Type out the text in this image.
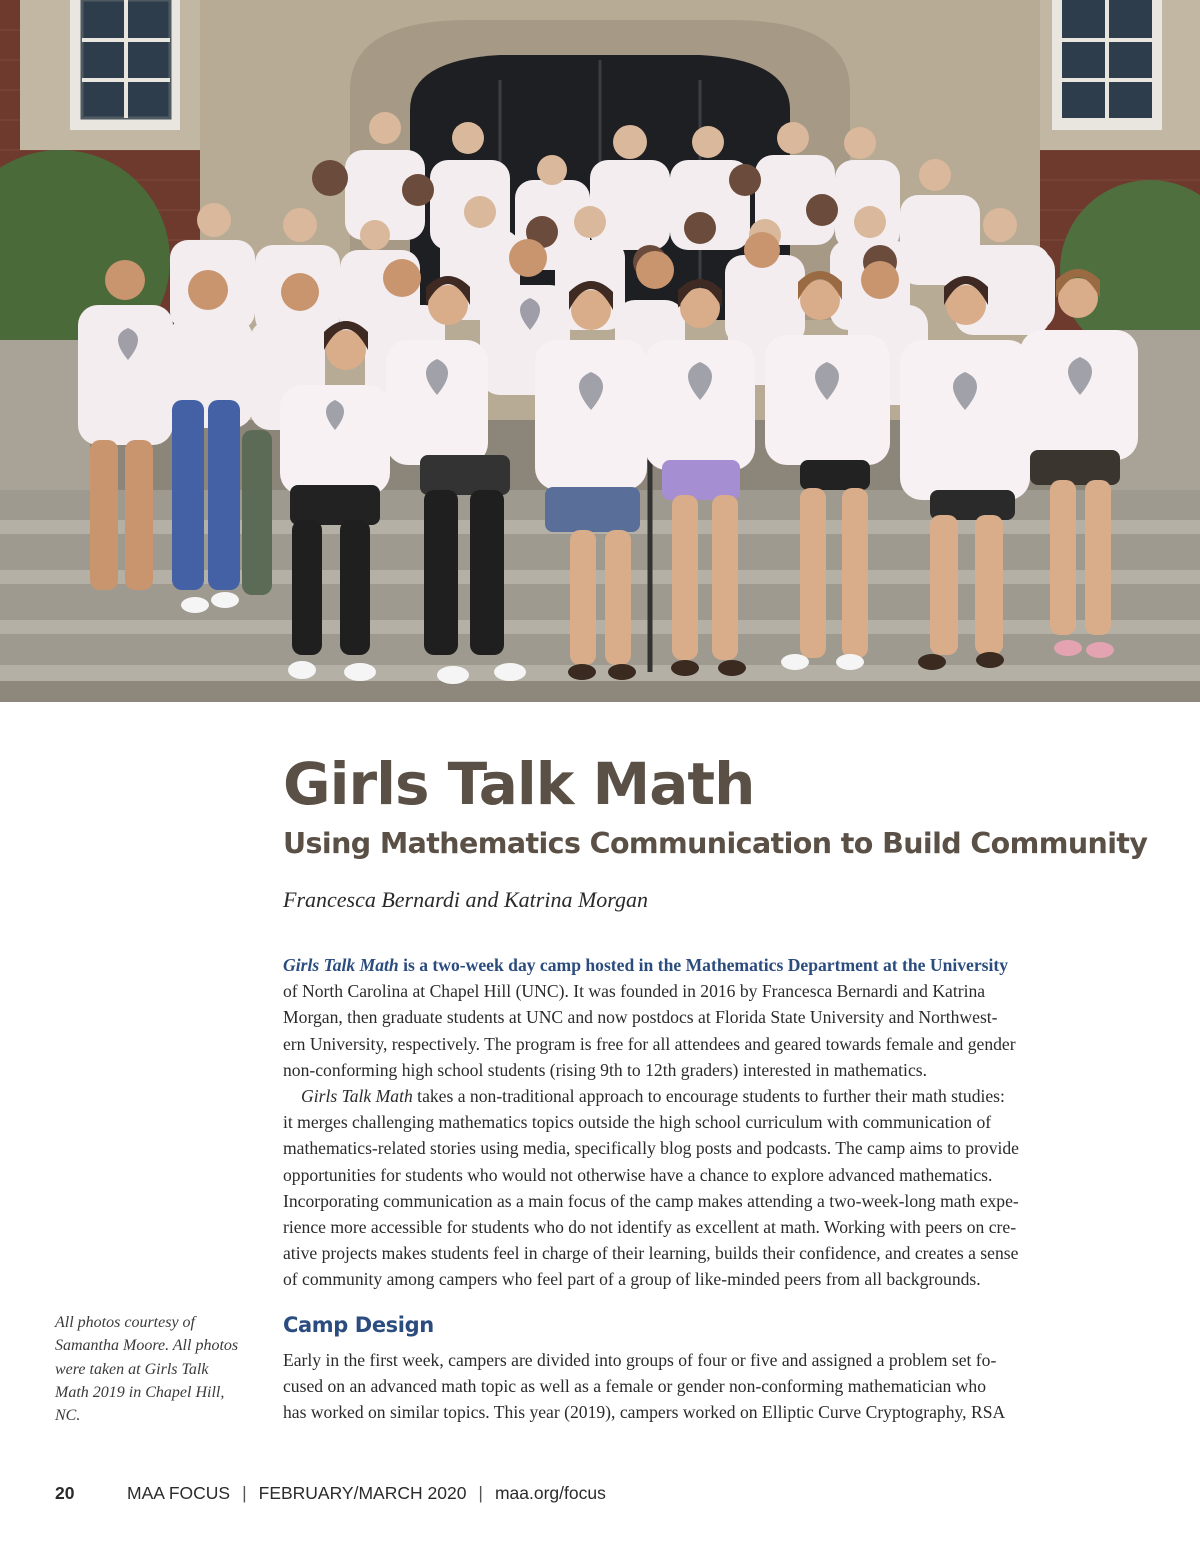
Girls Talk Math
Using Mathematics Communication to Build Community

Francesca Bernardi and Katrina Morgan

Girls Talk Math is a two-week day camp hosted in the Mathematics Department at the University
of North Carolina at Chapel Hill (UNC). It was founded in 2016 by Francesca Bernardi and Katrina
Morgan, then graduate students at UNC and now postdocs at Florida State University and Northwest-
ern University, respectively. The program is free for all attendees and geared towards female and gender
non-conforming high school students (rising 9th to 12th graders) interested in mathematics.
Girls Talk Math takes a non-traditional approach to encourage students to further their math studies:
it merges challenging mathematics topics outside the high school curriculum with communication of
mathematics-related stories using media, specifically blog posts and podcasts. The camp aims to provide
opportunities for students who would not otherwise have a chance to explore advanced mathematics.
Incorporating communication as a main focus of the camp makes attending a two-week-long math expe-
rience more accessible for students who do not identify as excellent at math. Working with peers on cre-
ative projects makes students feel in charge of their learning, builds their confidence, and creates a sense
of community among campers who feel part of a group of like-minded peers from all backgrounds.
Camp Design
Early in the first week, campers are divided into groups of four or five and assigned a problem set fo-
cused on an advanced math topic as well as a female or gender non-conforming mathematician who
has worked on similar topics. This year (2019), campers worked on Elliptic Curve Cryptography, RSA
All photos courtesy of
Samantha Moore. All photos
were taken at Girls Talk
Math 2019 in Chapel Hill,
NC.
20	MAA FOCUS | FEBRUARY/MARCH 2020 | maa.org/focus
